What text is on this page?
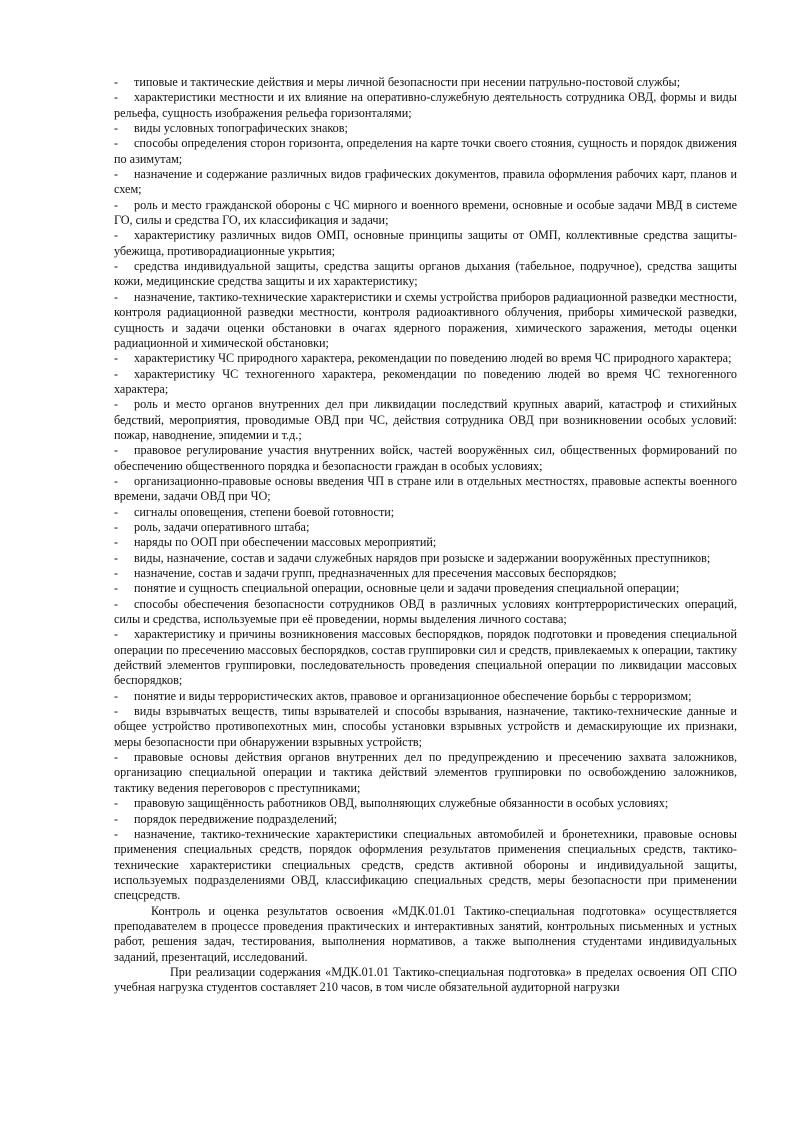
- типовые и тактические действия и меры личной безопасности при несении патрульно-постовой службы;

- характеристики местности и их влияние на оперативно-служебную деятельность сотрудника ОВД, формы и виды рельефа, сущность изображения рельефа горизонталями;

- виды условных топографических знаков;

- способы определения сторон горизонта, определения на карте точки своего стояния, сущность и порядок движения по азимутам;

- назначение и содержание различных видов графических документов, правила оформления рабочих карт, планов и схем;

- роль и место гражданской обороны с ЧС мирного и военного времени, основные и особые задачи МВД в системе ГО, силы и средства ГО, их классификация и задачи;

- характеристику различных видов ОМП, основные принципы защиты от ОМП, коллективные средства защиты-убежища, противорадиационные укрытия;

- средства индивидуальной защиты, средства защиты органов дыхания (табельное, подручное), средства защиты кожи, медицинские средства защиты и их характеристику;

- назначение, тактико-технические характеристики и схемы устройства приборов радиационной разведки местности, контроля радиационной разведки местности, контроля радиоактивного облучения, приборы химической разведки, сущность и задачи оценки обстановки в очагах ядерного поражения, химического заражения, методы оценки радиационной и химической обстановки;

- характеристику ЧС природного характера, рекомендации по поведению людей во время ЧС природного характера;

- характеристику ЧС техногенного характера, рекомендации по поведению людей во время ЧС техногенного характера;

- роль и место органов внутренних дел при ликвидации последствий крупных аварий, катастроф и стихийных бедствий, мероприятия, проводимые ОВД при ЧС, действия сотрудника ОВД при возникновении особых условий: пожар, наводнение, эпидемии и т.д.;

- правовое регулирование участия внутренних войск, частей вооружённых сил, общественных формирований по обеспечению общественного порядка и безопасности граждан в особых условиях;

- организационно-правовые основы введения ЧП в стране или в отдельных местностях, правовые аспекты военного времени, задачи ОВД при ЧО;

- сигналы оповещения, степени боевой готовности;

- роль, задачи оперативного штаба;

- наряды по ООП при обеспечении массовых мероприятий;

- виды, назначение, состав и задачи служебных нарядов при розыске и задержании вооружённых преступников;

- назначение, состав и задачи групп, предназначенных для пресечения массовых беспорядков;

- понятие и сущность специальной операции, основные цели и задачи проведения специальной операции;

- способы обеспечения безопасности сотрудников ОВД в различных условиях контртеррористических операций, силы и средства, используемые при её проведении, нормы выделения личного состава;

- характеристику и причины возникновения массовых беспорядков, порядок подготовки и проведения специальной операции по пресечению массовых беспорядков, состав группировки сил и средств, привлекаемых к операции, тактику действий элементов группировки, последовательность проведения специальной операции по ликвидации массовых беспорядков;

- понятие и виды террористических актов, правовое и организационное обеспечение борьбы с терроризмом;

- виды взрывчатых веществ, типы взрывателей и способы взрывания, назначение, тактико-технические данные и общее устройство противопехотных мин, способы установки взрывных устройств и демаскирующие их признаки, меры безопасности при обнаружении взрывных устройств;

- правовые основы действия органов внутренних дел по предупреждению и пресечению захвата заложников, организацию специальной операции и тактика действий элементов группировки по освобождению заложников, тактику ведения переговоров с преступниками;

- правовую защищённость работников ОВД, выполняющих служебные обязанности в особых условиях;

- порядок передвижение подразделений;

- назначение, тактико-технические характеристики специальных автомобилей и бронетехники, правовые основы применения специальных средств, порядок оформления результатов применения специальных средств, тактико-технические характеристики специальных средств, средств активной обороны и индивидуальной защиты, используемых подразделениями ОВД, классификацию специальных средств, меры безопасности при применении спецсредств.

Контроль и оценка результатов освоения «МДК.01.01 Тактико-специальная подготовка» осуществляется преподавателем в процессе проведения практических и интерактивных занятий, контрольных письменных и устных работ, решения задач, тестирования, выполнения нормативов, а также выполнения студентами индивидуальных заданий, презентаций, исследований.

При реализации содержания «МДК.01.01 Тактико-специальная подготовка» в пределах освоения ОП СПО учебная нагрузка студентов составляет 210 часов, в том числе обязательной аудиторной нагрузки
